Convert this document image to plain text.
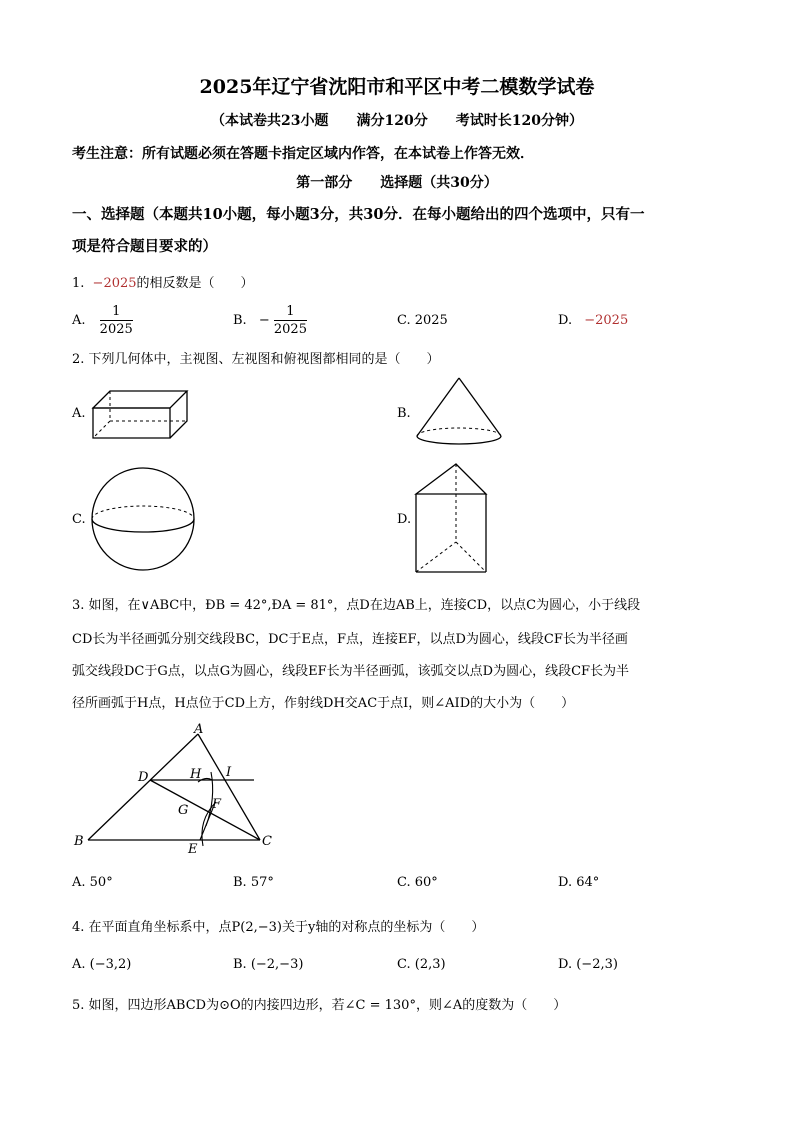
2025年辽宁省沈阳市和平区中考二模数学试卷
（本试卷共23小题　　满分120分　　考试时长120分钟）
考生注意：所有试题必须在答题卡指定区域内作答，在本试卷上作答无效．
第一部分　　选择题（共30分）
一、选择题（本题共10小题，每小题3分，共30分．在每小题给出的四个选项中，只有一
项是符合题目要求的）
1. −2025的相反数是（　　）
A. $\frac{1}{2025}$	B. − $\frac{1}{2025}$	C. 2025	D. −2025
2. 下列几何体中，主视图、左视图和俯视图都相同的是（　　）
A.	B.
C.	D.
3. 如图，在∨ABC中，ÐB = 42°,ÐA = 81°，点D在边AB上，连接CD，以点C为圆心，小于线段
CD长为半径画弧分别交线段BC，DC于E点，F点，连接EF，以点D为圆心，线段CF长为半径画
弧交线段DC于G点，以点G为圆心，线段EF长为半径画弧，该弧交以点D为圆心，线段CF长为半
径所画弧于H点，H点位于CD上方，作射线DH交AC于点I，则∠AID的大小为（　　）
A
B	C
D
E
F
G
H I
A. 50°	B. 57°	C. 60°	D. 64°
4. 在平面直角坐标系中，点P(2,−3)关于y轴的对称点的坐标为（　　）
A. (−3,2)	B. (−2,−3)	C. (2,3)	D. (−2,3)
5. 如图，四边形ABCD为⊙O的内接四边形，若∠C = 130°，则∠A的度数为（　　）
